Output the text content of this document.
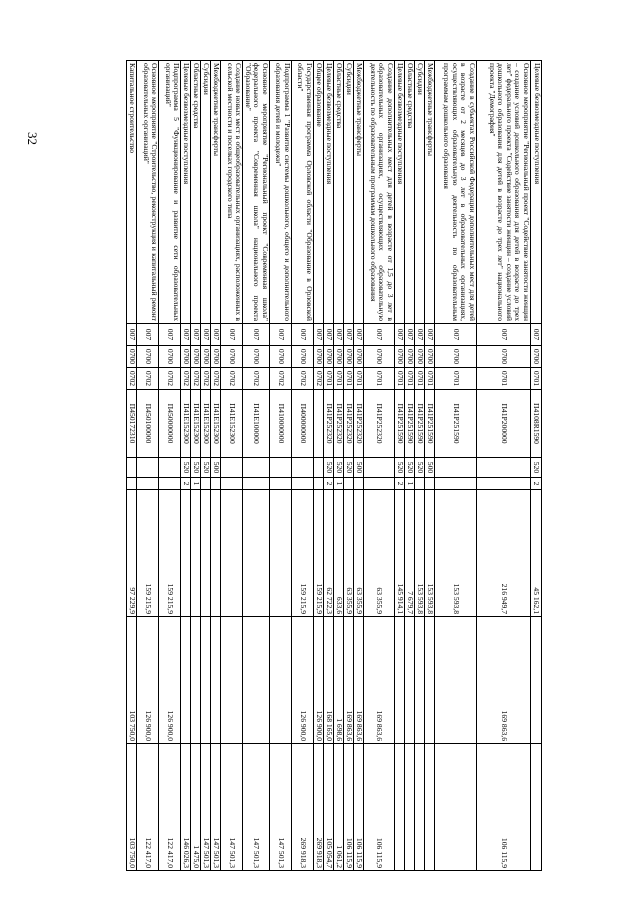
32	Целевые безвозмездные поступления	007	0700	0701	П4108R1590	520	2	45 162,1		
Основное мероприятие "Региональный проект "Содействие занятости женщин – создание условий дошкольного образования для детей в возрасте до трех лет" федерального проекта "Содействие занятости женщин – создание условий дошкольного образования для детей в возрасте до трех лет" национального проекта "Демография"	007	0700	0701	П41P200000			216 949,7	169 863,6	106 115,9
Создание в субъектах Российской Федерации дополнительных мест для детей в возрасте от 2 месяцев до 3 лет в образовательных организациях, осуществляющих образовательную деятельность по образовательным программам дошкольного образования	007	0700	0701	П41P251590			153 593,8		
Межбюджетные трансферты	007	0700	0701	П41P251590	500		153 593,8		
Субсидии	007	0700	0701	П41P251590	520		153 593,8		
Областные средства	007	0700	0701	П41P251590	520	1	7 679,7		
Целевые безвозмездные поступления	007	0700	0701	П41P251590	520	2	145 914,1		
Создание дополнительных мест для детей в возрасте от 1,5 до 3 лет в образовательных организациях, осуществляющих образовательную деятельность по образовательным программам дошкольного образования	007	0700	0701	П41P252320			63 355,9	169 863,6	106 115,9
Межбюджетные трансферты	007	0700	0701	П41P252320	500		63 355,9	169 863,6	106 115,9
Субсидии	007	0700	0701	П41P252320	520		63 355,9	169 863,6	106 115,9
Областные средства	007	0700	0701	П41P252320	520	1	633,6	1 698,6	1 061,2
Целевые безвозмездные поступления	007	0700	0701	П41P252320	520	2	62 722,3	168 165,0	105 054,7
Общее образование	007	0700	0702				159 215,9	126 900,0	269 918,3
Государственная программа Орловской области "Образование в Орловской области"	007	0700	0702	П400000000			159 215,9	126 900,0	269 918,3
Подпрограмма 1 "Развитие системы дошкольного, общего и дополнительного образования детей и молодежи"	007	0700	0702	П410000000					147 501,3
Основное мероприятие "Региональный проект "Современная школа" федерального проекта "Современная школа" национального проекта "Образование"	007	0700	0702	П41E100000					147 501,3
Создание новых мест в общеобразовательных организациях, расположенных в сельской местности и поселках городского типа	007	0700	0702	П41E152300					147 501,3
Межбюджетные трансферты	007	0700	0702	П41E152300	500				147 501,3
Субсидии	007	0700	0702	П41E152300	520				147 501,3
Областные средства	007	0700	0702	П41E152300	520	1			1 475,0
Целевые безвозмездные поступления	007	0700	0702	П41E152300	520	2			146 026,3
Подпрограмма 5 "Функционирование и развитие сети образовательных организаций"	007	0700	0702	П450000000			159 215,9	126 900,0	122 417,0
Основное мероприятие "Строительство, реконструкция и капитальный ремонт образовательных организаций"	007	0700	0702	П450100000			159 215,9	126 900,0	122 417,0
Капитальное строительство	007	0700	0702	П450172310			97 229,9	103 750,0	103 750,0
